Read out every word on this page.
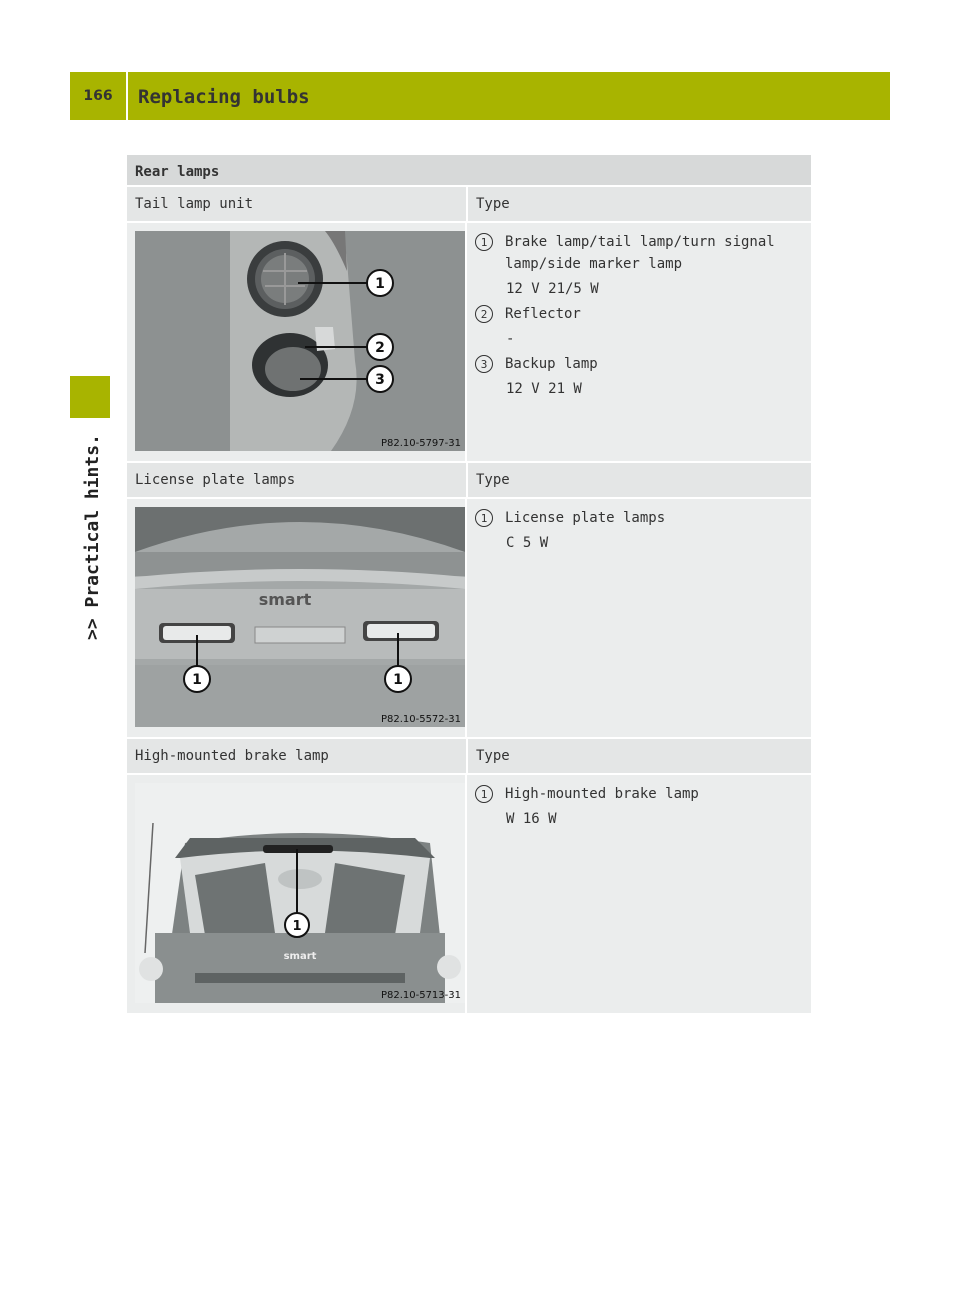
166	Replacing bulbs
>> Practical hints.
Rear lamps
Tail lamp unit	Type
1
2
3
P82.10-5797-31
1	Brake lamp/tail lamp/turn signal lamp/side marker lamp
12 V 21/5 W
2	Reflector
-
3	Backup lamp
12 V 21 W
License plate lamps	Type
smart
1	1
P82.10-5572-31
1	License plate lamps
C 5 W
High-mounted brake lamp	Type
smart
1
P82.10-5713-31
1	High-mounted brake lamp
W 16 W
